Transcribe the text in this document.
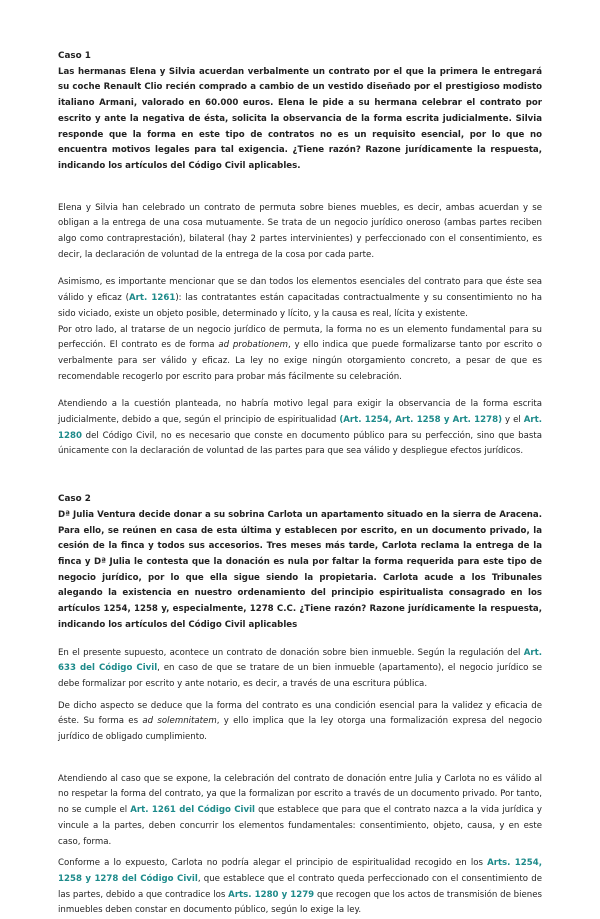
Caso 1

Las hermanas Elena y Silvia acuerdan verbalmente un contrato por el que la primera le entregará su coche Renault Clio recién comprado a cambio de un vestido diseñado por el prestigioso modisto italiano Armani, valorado en 60.000 euros. Elena le pide a su hermana celebrar el contrato por escrito y ante la negativa de ésta, solicita la observancia de la forma escrita judicialmente. Silvia responde que la forma en este tipo de contratos no es un requisito esencial, por lo que no encuentra motivos legales para tal exigencia. ¿Tiene razón? Razone jurídicamente la respuesta, indicando los artículos del Código Civil aplicables.

Elena y Silvia han celebrado un contrato de permuta sobre bienes muebles, es decir, ambas acuerdan y se obligan a la entrega de una cosa mutuamente. Se trata de un negocio jurídico oneroso (ambas partes reciben algo como contraprestación), bilateral (hay 2 partes intervinientes) y perfeccionado con el consentimiento, es decir, la declaración de voluntad de la entrega de la cosa por cada parte.

Asimismo, es importante mencionar que se dan todos los elementos esenciales del contrato para que éste sea válido y eficaz (Art. 1261): las contratantes están capacitadas contractualmente y su consentimiento no ha sido viciado, existe un objeto posible, determinado y lícito, y la causa es real, lícita y existente.

Por otro lado, al tratarse de un negocio jurídico de permuta, la forma no es un elemento fundamental para su perfección. El contrato es de forma ad probationem, y ello indica que puede formalizarse tanto por escrito o verbalmente para ser válido y eficaz. La ley no exige ningún otorgamiento concreto, a pesar de que es recomendable recogerlo por escrito para probar más fácilmente su celebración.

Atendiendo a la cuestión planteada, no habría motivo legal para exigir la observancia de la forma escrita judicialmente, debido a que, según el principio de espiritualidad (Art. 1254, Art. 1258 y Art. 1278) y el Art. 1280 del Código Civil, no es necesario que conste en documento público para su perfección, sino que basta únicamente con la declaración de voluntad de las partes para que sea válido y despliegue efectos jurídicos.

Caso 2

Dª Julia Ventura decide donar a su sobrina Carlota un apartamento situado en la sierra de Aracena. Para ello, se reúnen en casa de esta última y establecen por escrito, en un documento privado, la cesión de la finca y todos sus accesorios. Tres meses más tarde, Carlota reclama la entrega de la finca y Dª Julia le contesta que la donación es nula por faltar la forma requerida para este tipo de negocio jurídico, por lo que ella sigue siendo la propietaria. Carlota acude a los Tribunales alegando la existencia en nuestro ordenamiento del principio espiritualista consagrado en los artículos 1254, 1258 y, especialmente, 1278 C.C. ¿Tiene razón? Razone jurídicamente la respuesta, indicando los artículos del Código Civil aplicables

En el presente supuesto, acontece un contrato de donación sobre bien inmueble. Según la regulación del Art. 633 del Código Civil, en caso de que se tratare de un bien inmueble (apartamento), el negocio jurídico se debe formalizar por escrito y ante notario, es decir, a través de una escritura pública.

De dicho aspecto se deduce que la forma del contrato es una condición esencial para la validez y eficacia de éste. Su forma es ad solemnitatem, y ello implica que la ley otorga una formalización expresa del negocio jurídico de obligado cumplimiento.

Atendiendo al caso que se expone, la celebración del contrato de donación entre Julia y Carlota no es válido al no respetar la forma del contrato, ya que la formalizan por escrito a través de un documento privado. Por tanto, no se cumple el Art. 1261 del Código Civil que establece que para que el contrato nazca a la vida jurídica y vincule a la partes, deben concurrir los elementos fundamentales: consentimiento, objeto, causa, y en este caso, forma.

Conforme a lo expuesto, Carlota no podría alegar el principio de espiritualidad recogido en los Arts. 1254, 1258 y 1278 del Código Civil, que establece que el contrato queda perfeccionado con el consentimiento de las partes, debido a que contradice los Arts. 1280 y 1279 que recogen que los actos de transmisión de bienes inmuebles deben constar en documento público, según lo exige la ley.
